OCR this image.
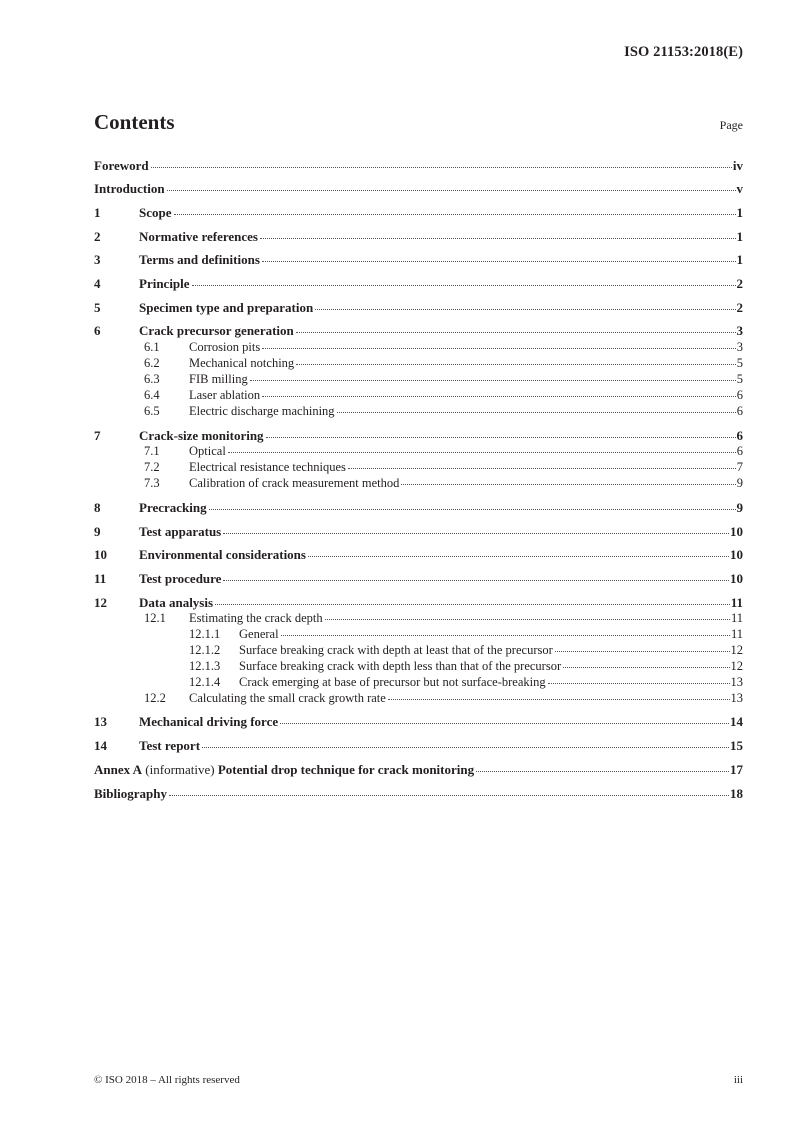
ISO 21153:2018(E)
Contents	Page
Foreword	iv
Introduction	v
1	Scope	1
2	Normative references	1
3	Terms and definitions	1
4	Principle	2
5	Specimen type and preparation	2
6	Crack precursor generation	3
6.1	Corrosion pits	3
6.2	Mechanical notching	5
6.3	FIB milling	5
6.4	Laser ablation	6
6.5	Electric discharge machining	6
7	Crack-size monitoring	6
7.1	Optical	6
7.2	Electrical resistance techniques	7
7.3	Calibration of crack measurement method	9
8	Precracking	9
9	Test apparatus	10
10	Environmental considerations	10
11	Test procedure	10
12	Data analysis	11
12.1	Estimating the crack depth	11
12.1.1	General	11
12.1.2	Surface breaking crack with depth at least that of the precursor	12
12.1.3	Surface breaking crack with depth less than that of the precursor	12
12.1.4	Crack emerging at base of precursor but not surface-breaking	13
12.2	Calculating the small crack growth rate	13
13	Mechanical driving force	14
14	Test report	15
Annex A (informative) Potential drop technique for crack monitoring	17
Bibliography	18
© ISO 2018 – All rights reserved	iii
